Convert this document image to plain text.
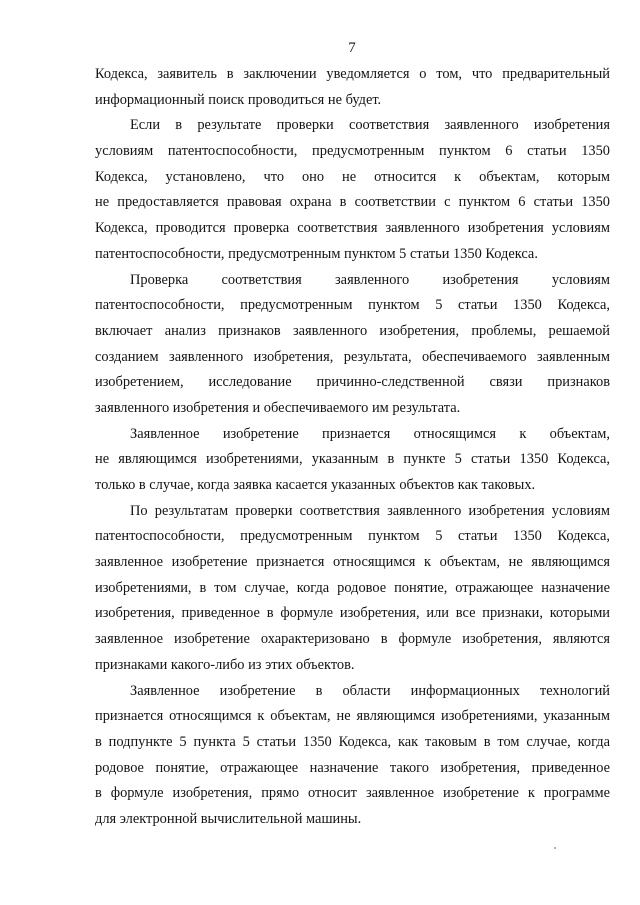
7
Кодекса, заявитель в заключении уведомляется о том, что предварительный
информационный поиск проводиться не будет.
Если в результате проверки соответствия заявленного изобретения
условиям патентоспособности, предусмотренным пунктом 6 статьи 1350
Кодекса, установлено, что оно не относится к объектам, которым
не предоставляется правовая охрана в соответствии с пунктом 6 статьи 1350
Кодекса, проводится проверка соответствия заявленного изобретения условиям
патентоспособности, предусмотренным пунктом 5 статьи 1350 Кодекса.
Проверка соответствия заявленного изобретения условиям
патентоспособности, предусмотренным пунктом 5 статьи 1350 Кодекса,
включает анализ признаков заявленного изобретения, проблемы, решаемой
созданием заявленного изобретения, результата, обеспечиваемого заявленным
изобретением, исследование причинно-следственной связи признаков
заявленного изобретения и обеспечиваемого им результата.
Заявленное изобретение признается относящимся к объектам,
не являющимся изобретениями, указанным в пункте 5 статьи 1350 Кодекса,
только в случае, когда заявка касается указанных объектов как таковых.
По результатам проверки соответствия заявленного изобретения условиям
патентоспособности, предусмотренным пунктом 5 статьи 1350 Кодекса,
заявленное изобретение признается относящимся к объектам, не являющимся
изобретениями, в том случае, когда родовое понятие, отражающее назначение
изобретения, приведенное в формуле изобретения, или все признаки, которыми
заявленное изобретение охарактеризовано в формуле изобретения, являются
признаками какого-либо из этих объектов.
Заявленное изобретение в области информационных технологий
признается относящимся к объектам, не являющимся изобретениями, указанным
в подпункте 5 пункта 5 статьи 1350 Кодекса, как таковым в том случае, когда
родовое понятие, отражающее назначение такого изобретения, приведенное
в формуле изобретения, прямо относит заявленное изобретение к программе
для электронной вычислительной машины.
